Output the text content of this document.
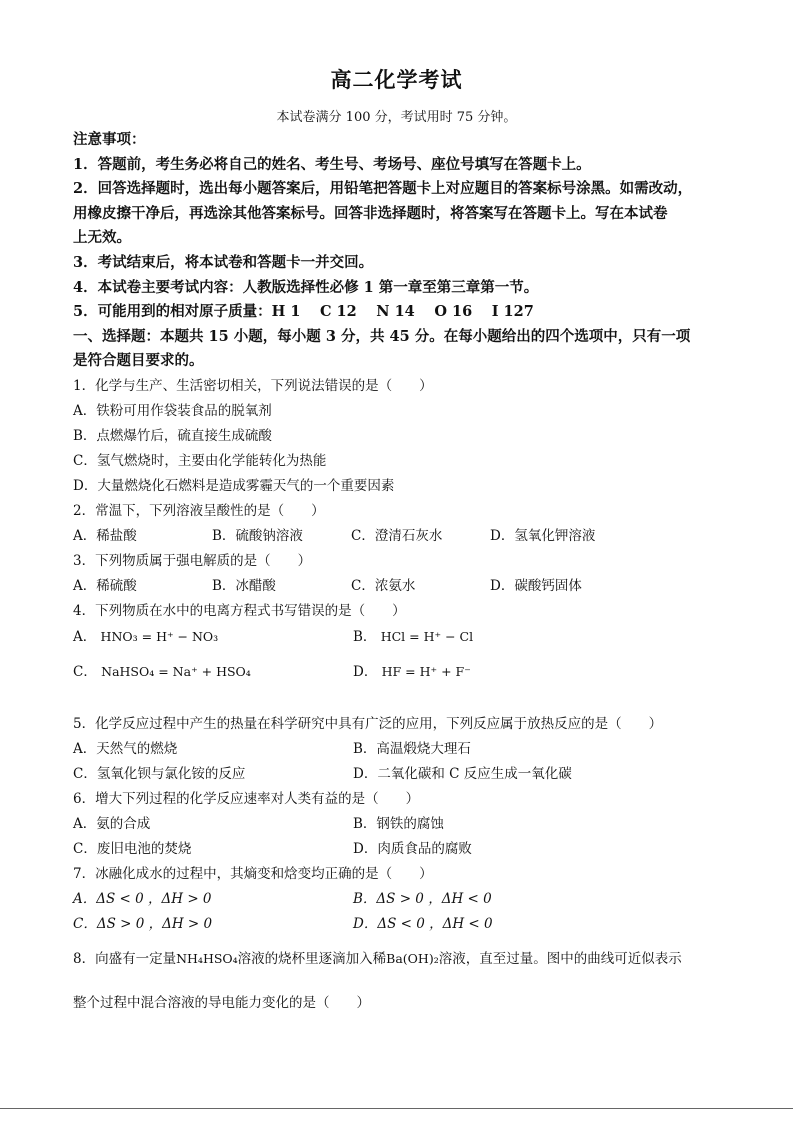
高二化学考试
本试卷满分 100 分，考试用时 75 分钟。

注意事项：

1．答题前，考生务必将自己的姓名、考生号、考场号、座位号填写在答题卡上。

2．回答选择题时，选出每小题答案后，用铅笔把答题卡上对应题目的答案标号涂黑。如需改动，

用橡皮擦干净后，再选涂其他答案标号。回答非选择题时，将答案写在答题卡上。写在本试卷

上无效。

3．考试结束后，将本试卷和答题卡一并交回。

4．本试卷主要考试内容：人教版选择性必修 1 第一章至第三章第一节。

5．可能用到的相对原子质量：H 1　 C 12　 N 14　 O 16　 I 127

一、选择题：本题共 15 小题，每小题 3 分，共 45 分。在每小题给出的四个选项中，只有一项

是符合题目要求的。

1．化学与生产、生活密切相关，下列说法错误的是（　　）

A．铁粉可用作袋装食品的脱氧剂

B．点燃爆竹后，硫直接生成硫酸

C．氢气燃烧时，主要由化学能转化为热能

D．大量燃烧化石燃料是造成雾霾天气的一个重要因素

2．常温下，下列溶液呈酸性的是（　　）

A．稀盐酸	B．硫酸钠溶液	C．澄清石灰水	D．氢氧化钾溶液

3．下列物质属于强电解质的是（　　）

A．稀硫酸	B．冰醋酸	C．浓氨水	D．碳酸钙固体

4．下列物质在水中的电离方程式书写错误的是（　　）

A． HNO₃ = H⁺ − NO₃	B． HCl = H⁺ − Cl
C． NaHSO₄ = Na⁺ + HSO₄	D． HF = H⁺ + F⁻

5．化学反应过程中产生的热量在科学研究中具有广泛的应用，下列反应属于放热反应的是（　　）

A．天然气的燃烧	B．高温煅烧大理石
C．氢氧化钡与氯化铵的反应	D．二氧化碳和 C 反应生成一氧化碳

6．增大下列过程的化学反应速率对人类有益的是（　　）

A．氨的合成	B．钢铁的腐蚀
C．废旧电池的焚烧	D．肉质食品的腐败

7．冰融化成水的过程中，其熵变和焓变均正确的是（　　）

A．ΔS < 0 ，ΔH > 0	B．ΔS > 0 ，ΔH < 0
C．ΔS > 0 ，ΔH > 0	D．ΔS < 0 ，ΔH < 0

8．向盛有一定量NH₄HSO₄溶液的烧杯里逐滴加入稀Ba(OH)₂溶液，直至过量。图中的曲线可近似表示

整个过程中混合溶液的导电能力变化的是（　　）
